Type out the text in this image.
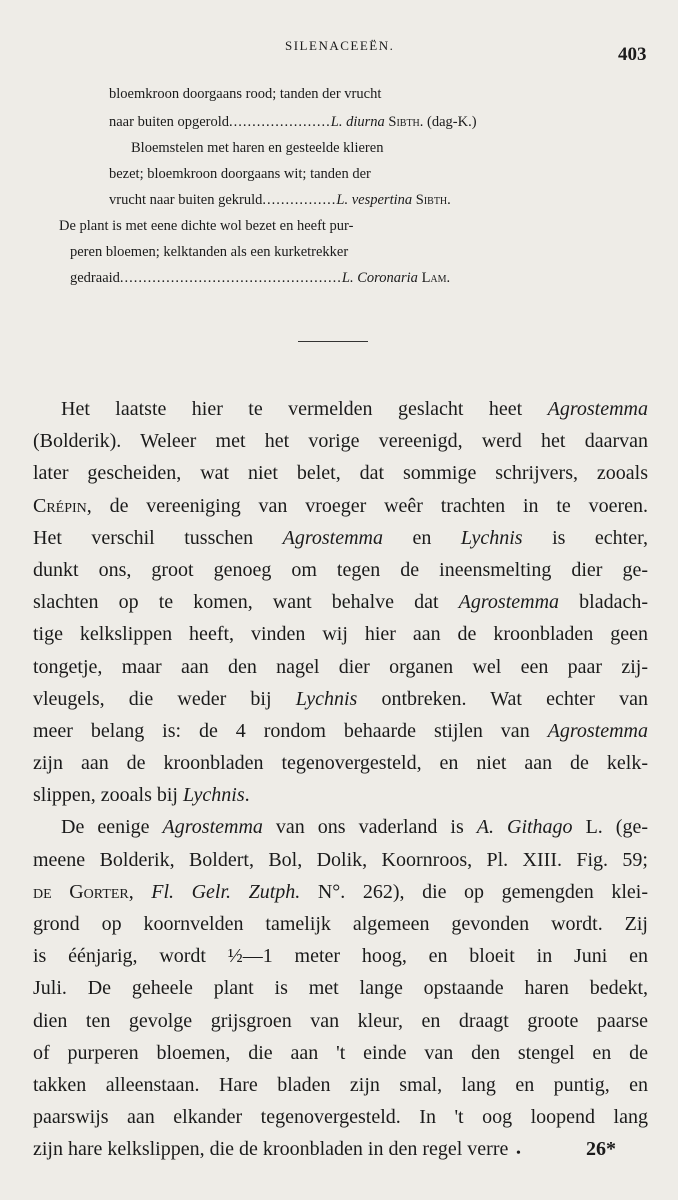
SILENACEEËN.	403
bloemkroon doorgaans rood; tanden der vrucht
naar buiten opgerold......................L. diurna Sibth. (dag-K.)
Bloemstelen met haren en gesteelde klieren
bezet; bloemkroon doorgaans wit; tanden der
vrucht naar buiten gekruld................L. vespertina Sibth.
De plant is met eene dichte wol bezet en heeft pur-
peren bloemen; kelktanden als een kurketrekker
gedraaid................................................L. Coronaria Lam.
Het laatste hier te vermelden geslacht heet Agrostemma
(Bolderik). Weleer met het vorige vereenigd, werd het daarvan
later gescheiden, wat niet belet, dat sommige schrijvers, zooals
Crépin, de vereeniging van vroeger weêr trachten in te voeren.
Het verschil tusschen Agrostemma en Lychnis is echter,
dunkt ons, groot genoeg om tegen de ineensmelting dier ge-
slachten op te komen, want behalve dat Agrostemma bladach-
tige kelkslippen heeft, vinden wij hier aan de kroonbladen geen
tongetje, maar aan den nagel dier organen wel een paar zij-
vleugels, die weder bij Lychnis ontbreken. Wat echter van
meer belang is: de 4 rondom behaarde stijlen van Agrostemma
zijn aan de kroonbladen tegenovergesteld, en niet aan de kelk-
slippen, zooals bij Lychnis.
De eenige Agrostemma van ons vaderland is A. Githago L. (ge-
meene Bolderik, Boldert, Bol, Dolik, Koornroos, Pl. XIII. Fig. 59;
de Gorter, Fl. Gelr. Zutph. N°. 262), die op gemengden klei-
grond op koornvelden tamelijk algemeen gevonden wordt. Zij
is éénjarig, wordt ½—1 meter hoog, en bloeit in Juni en
Juli. De geheele plant is met lange opstaande haren bedekt,
dien ten gevolge grijsgroen van kleur, en draagt groote paarse
of purperen bloemen, die aan 't einde van den stengel en de
takken alleenstaan. Hare bladen zijn smal, lang en puntig, en
paarswijs aan elkander tegenovergesteld. In 't oog loopend lang
zijn hare kelkslippen, die de kroonbladen in den regel verre •	26*
